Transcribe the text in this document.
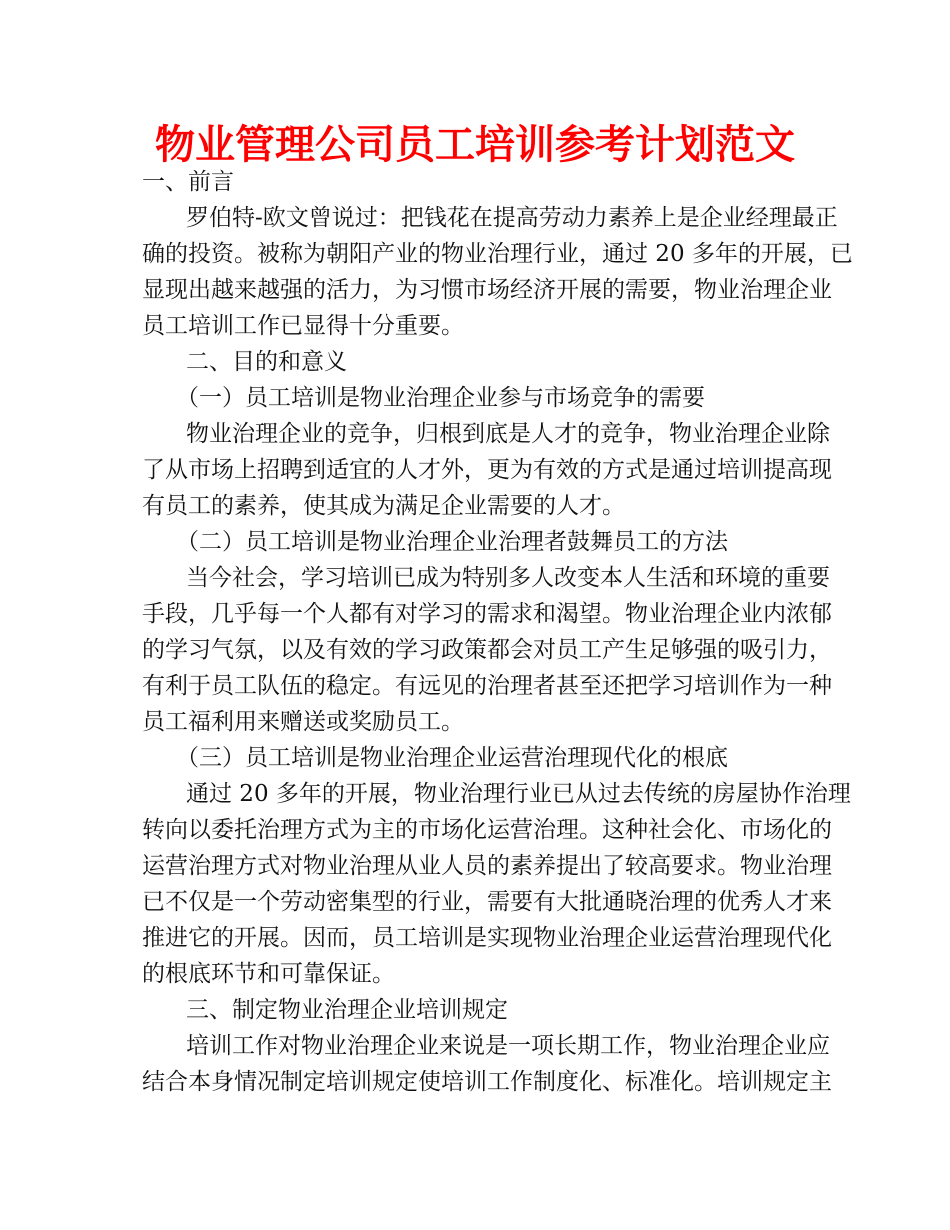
物业管理公司员工培训参考计划范文
一、前言
罗伯特-欧文曾说过：把钱花在提高劳动力素养上是企业经理最正
确的投资。被称为朝阳产业的物业治理行业，通过 20 多年的开展，已
显现出越来越强的活力，为习惯市场经济开展的需要，物业治理企业
员工培训工作已显得十分重要。
二、目的和意义
（一）员工培训是物业治理企业参与市场竞争的需要
物业治理企业的竞争，归根到底是人才的竞争，物业治理企业除
了从市场上招聘到适宜的人才外，更为有效的方式是通过培训提高现
有员工的素养，使其成为满足企业需要的人才。
（二）员工培训是物业治理企业治理者鼓舞员工的方法
当今社会，学习培训已成为特别多人改变本人生活和环境的重要
手段，几乎每一个人都有对学习的需求和渴望。物业治理企业内浓郁
的学习气氛，以及有效的学习政策都会对员工产生足够强的吸引力，
有利于员工队伍的稳定。有远见的治理者甚至还把学习培训作为一种
员工福利用来赠送或奖励员工。
（三）员工培训是物业治理企业运营治理现代化的根底
通过 20 多年的开展，物业治理行业已从过去传统的房屋协作治理
转向以委托治理方式为主的市场化运营治理。这种社会化、市场化的
运营治理方式对物业治理从业人员的素养提出了较高要求。物业治理
已不仅是一个劳动密集型的行业，需要有大批通晓治理的优秀人才来
推进它的开展。因而，员工培训是实现物业治理企业运营治理现代化
的根底环节和可靠保证。
三、制定物业治理企业培训规定
培训工作对物业治理企业来说是一项长期工作，物业治理企业应
结合本身情况制定培训规定使培训工作制度化、标准化。培训规定主
